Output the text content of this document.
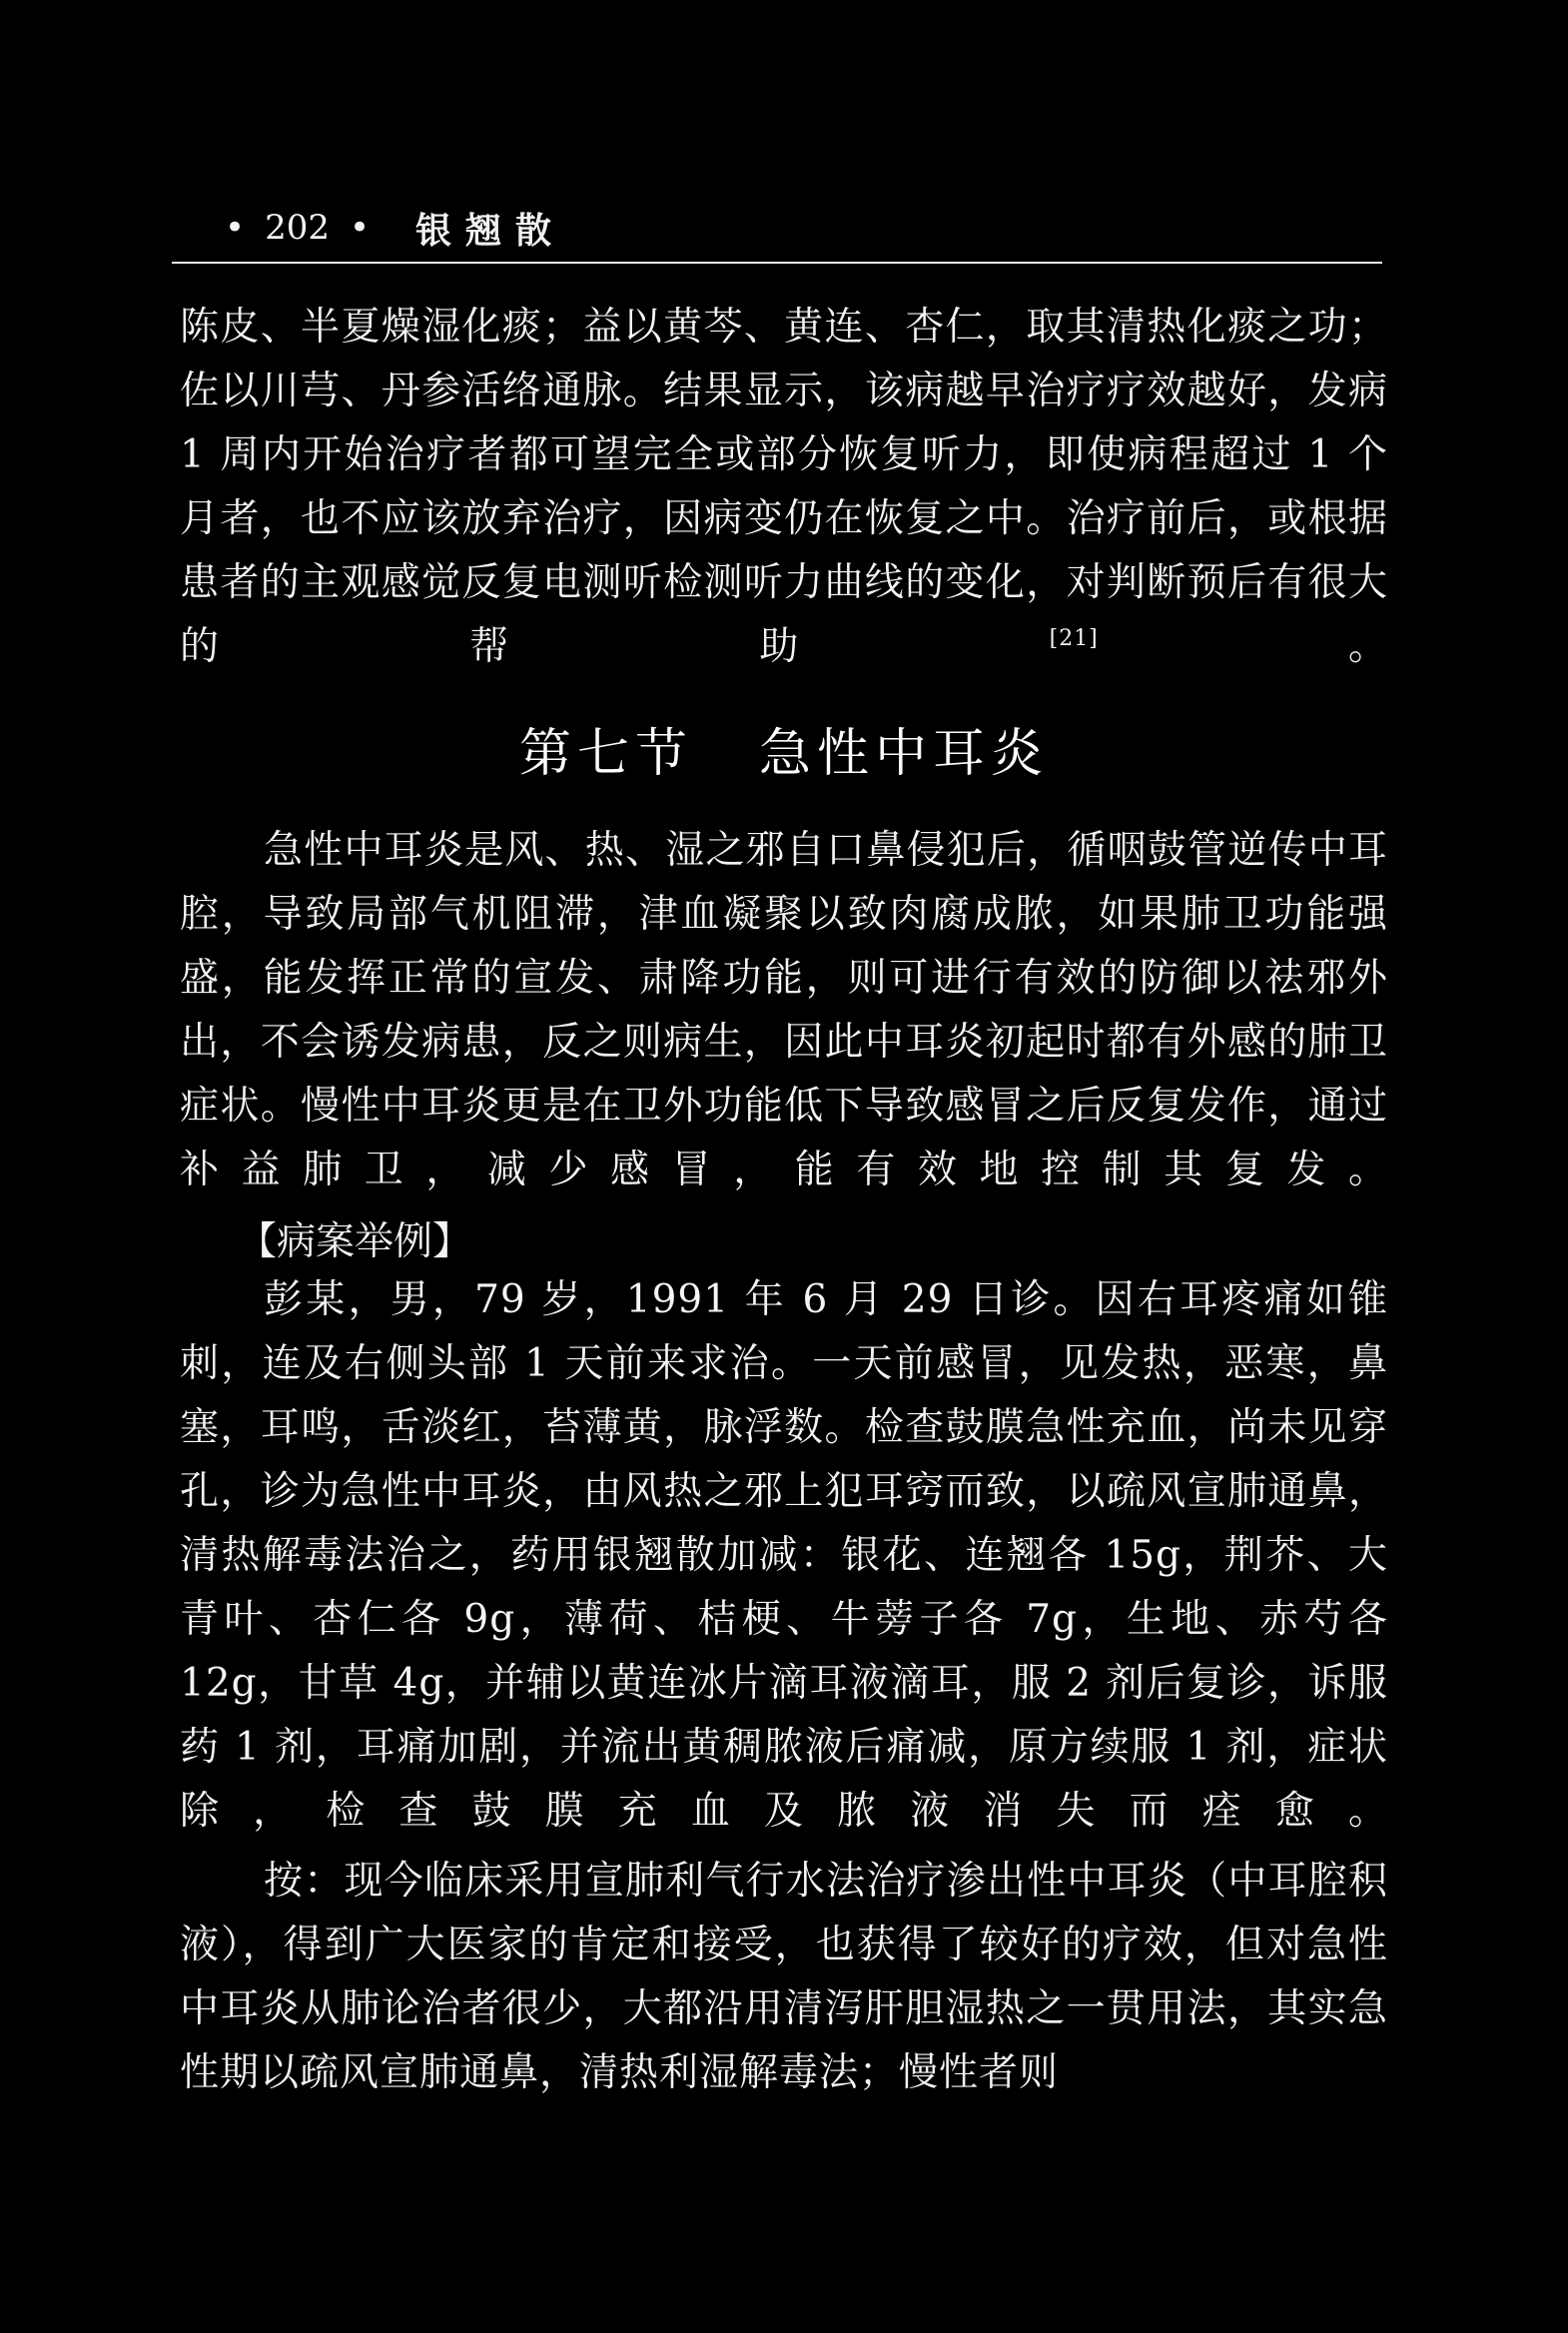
• 202 • 银翘散

陈皮、半夏燥湿化痰；益以黄芩、黄连、杏仁，取其清热化痰之功；佐以川芎、丹参活络通脉。结果显示，该病越早治疗疗效越好，发病 1 周内开始治疗者都可望完全或部分恢复听力，即使病程超过 1 个月者，也不应该放弃治疗，因病变仍在恢复之中。治疗前后，或根据患者的主观感觉反复电测听检测听力曲线的变化，对判断预后有很大的帮助[21]。

第七节 急性中耳炎

急性中耳炎是风、热、湿之邪自口鼻侵犯后，循咽鼓管逆传中耳腔，导致局部气机阻滞，津血凝聚以致肉腐成脓，如果肺卫功能强盛，能发挥正常的宣发、肃降功能，则可进行有效的防御以祛邪外出，不会诱发病患，反之则病生，因此中耳炎初起时都有外感的肺卫症状。慢性中耳炎更是在卫外功能低下导致感冒之后反复发作，通过补益肺卫，减少感冒，能有效地控制其复发。

【病案举例】

彭某，男，79 岁，1991 年 6 月 29 日诊。因右耳疼痛如锥刺，连及右侧头部 1 天前来求治。一天前感冒，见发热，恶寒，鼻塞，耳鸣，舌淡红，苔薄黄，脉浮数。检查鼓膜急性充血，尚未见穿孔，诊为急性中耳炎，由风热之邪上犯耳窍而致，以疏风宣肺通鼻，清热解毒法治之，药用银翘散加减：银花、连翘各 15g，荆芥、大青叶、杏仁各 9g，薄荷、桔梗、牛蒡子各 7g，生地、赤芍各 12g，甘草 4g，并辅以黄连冰片滴耳液滴耳，服 2 剂后复诊，诉服药 1 剂，耳痛加剧，并流出黄稠脓液后痛减，原方续服 1 剂，症状除，检查鼓膜充血及脓液消失而痊愈。

按：现今临床采用宣肺利气行水法治疗渗出性中耳炎（中耳腔积液），得到广大医家的肯定和接受，也获得了较好的疗效，但对急性中耳炎从肺论治者很少，大都沿用清泻肝胆湿热之一贯用法，其实急性期以疏风宣肺通鼻，清热利湿解毒法；慢性者则
